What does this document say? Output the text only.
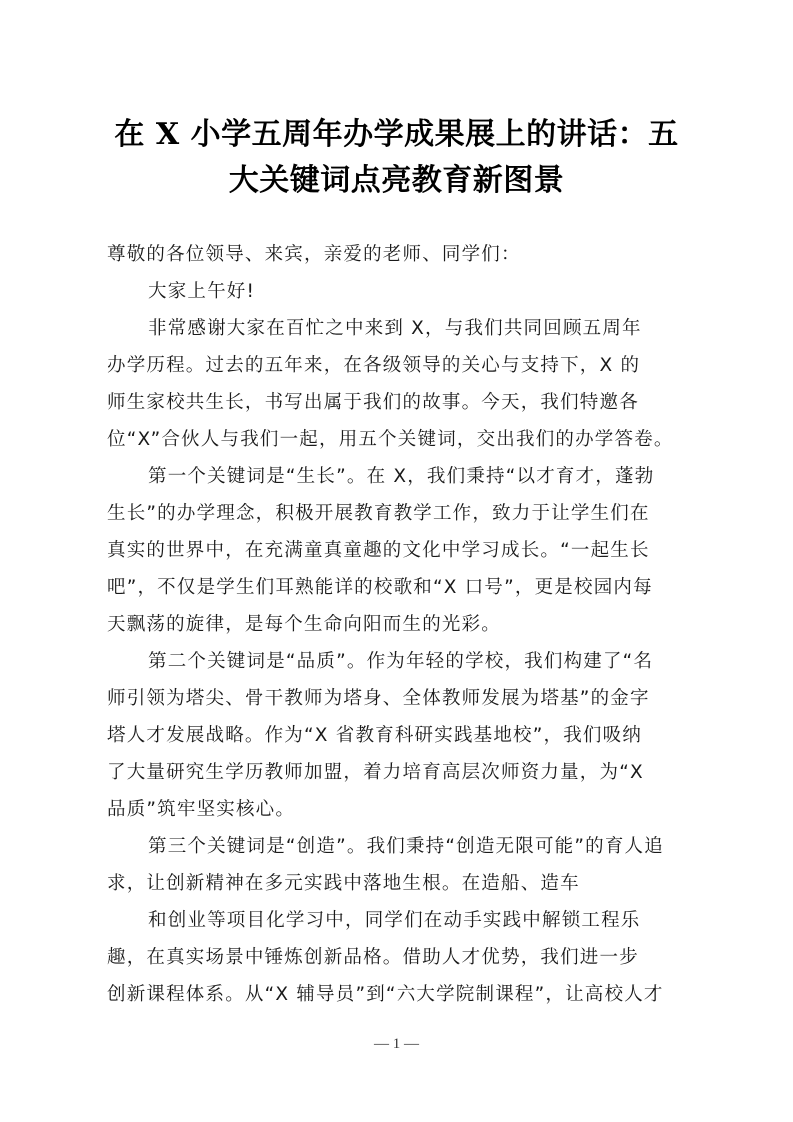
在 X 小学五周年办学成果展上的讲话：五
大关键词点亮教育新图景
尊敬的各位领导、来宾，亲爱的老师、同学们：
大家上午好!
非常感谢大家在百忙之中来到 X，与我们共同回顾五周年
办学历程。过去的五年来，在各级领导的关心与支持下，X 的
师生家校共生长，书写出属于我们的故事。今天，我们特邀各
位“X”合伙人与我们一起，用五个关键词，交出我们的办学答卷。
第一个关键词是“生长”。在 X，我们秉持“以才育才，蓬勃
生长”的办学理念，积极开展教育教学工作，致力于让学生们在
真实的世界中，在充满童真童趣的文化中学习成长。“一起生长
吧”，不仅是学生们耳熟能详的校歌和“X 口号”，更是校园内每
天飘荡的旋律，是每个生命向阳而生的光彩。
第二个关键词是“品质”。作为年轻的学校，我们构建了“名
师引领为塔尖、骨干教师为塔身、全体教师发展为塔基”的金字
塔人才发展战略。作为“X 省教育科研实践基地校”，我们吸纳
了大量研究生学历教师加盟，着力培育高层次师资力量，为“X
品质”筑牢坚实核心。
第三个关键词是“创造”。我们秉持“创造无限可能”的育人追
求，让创新精神在多元实践中落地生根。在造船、造车
和创业等项目化学习中，同学们在动手实践中解锁工程乐
趣，在真实场景中锤炼创新品格。借助人才优势，我们进一步
创新课程体系。从“X 辅导员”到“六大学院制课程”，让高校人才
— 1 —
